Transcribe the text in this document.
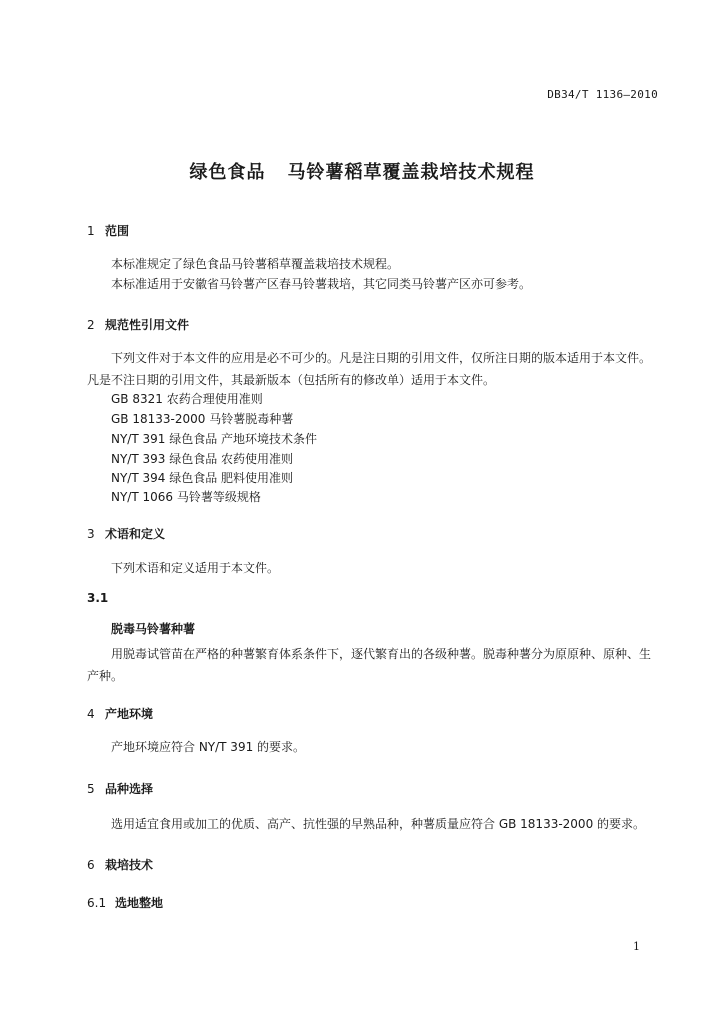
DB34/T 1136—2010
绿色食品 马铃薯稻草覆盖栽培技术规程
1 范围
本标准规定了绿色食品马铃薯稻草覆盖栽培技术规程。
本标准适用于安徽省马铃薯产区春马铃薯栽培，其它同类马铃薯产区亦可参考。
2 规范性引用文件
下列文件对于本文件的应用是必不可少的。凡是注日期的引用文件，仅所注日期的版本适用于本文件。凡是不注日期的引用文件，其最新版本（包括所有的修改单）适用于本文件。
GB 8321 农药合理使用准则
GB 18133-2000 马铃薯脱毒种薯
NY/T 391 绿色食品 产地环境技术条件
NY/T 393 绿色食品 农药使用准则
NY/T 394 绿色食品 肥料使用准则
NY/T 1066 马铃薯等级规格
3 术语和定义
下列术语和定义适用于本文件。
3.1
脱毒马铃薯种薯
用脱毒试管苗在严格的种薯繁育体系条件下，逐代繁育出的各级种薯。脱毒种薯分为原原种、原种、生产种。
4 产地环境
产地环境应符合 NY/T 391 的要求。
5 品种选择
选用适宜食用或加工的优质、高产、抗性强的早熟品种，种薯质量应符合 GB 18133-2000 的要求。
6 栽培技术
6.1 选地整地
1
